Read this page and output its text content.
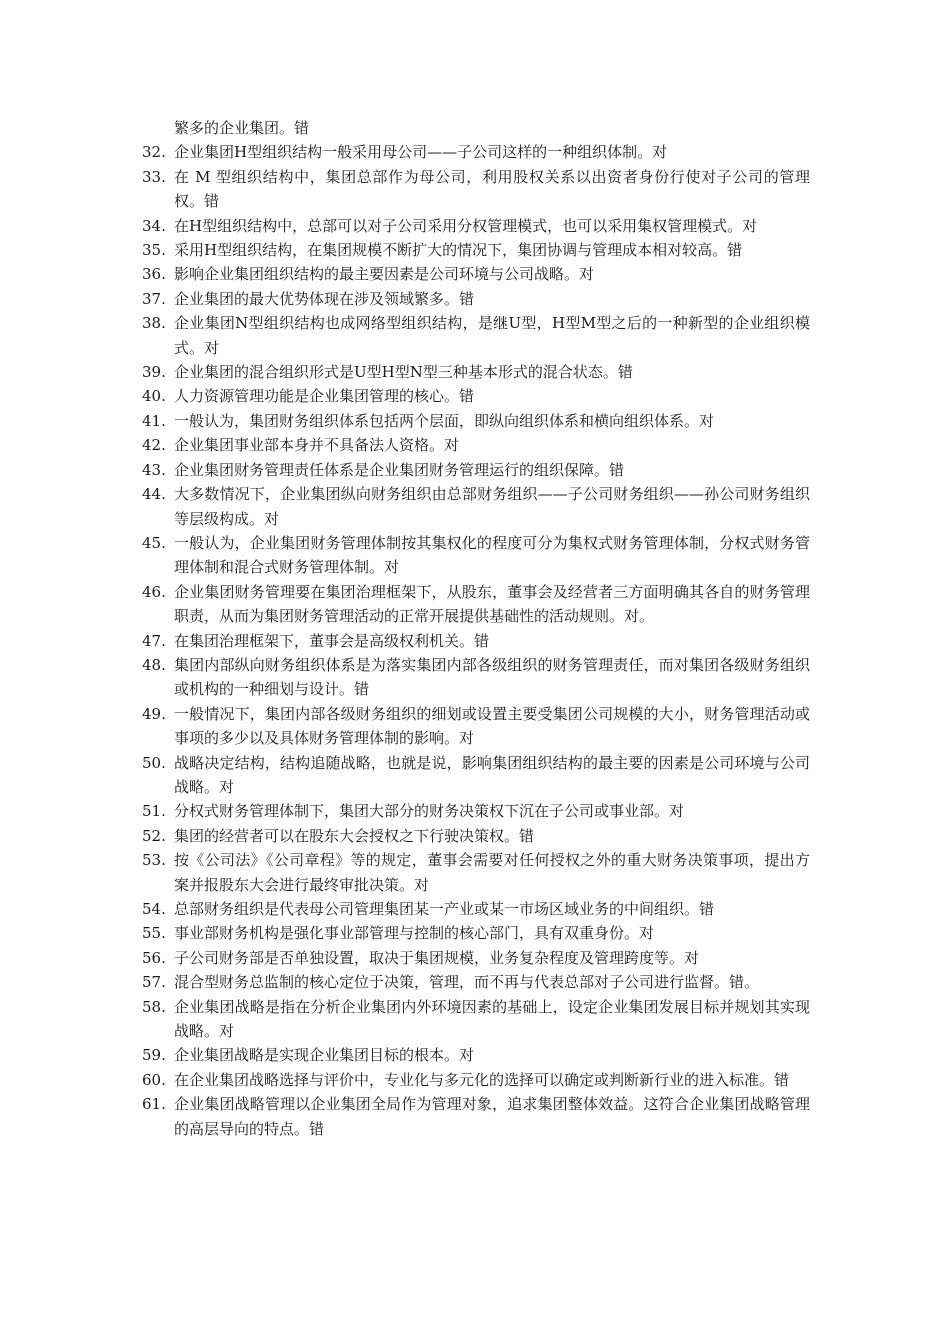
繁多的企业集团。错
32. 企业集团H型组织结构一般采用母公司——子公司这样的一种组织体制。对
33. 在 M 型组织结构中，集团总部作为母公司，利用股权关系以出资者身份行使对子公司的管理权。错
34. 在H型组织结构中，总部可以对子公司采用分权管理模式，也可以采用集权管理模式。对
35. 采用H型组织结构，在集团规模不断扩大的情况下，集团协调与管理成本相对较高。错
36. 影响企业集团组织结构的最主要因素是公司环境与公司战略。对
37. 企业集团的最大优势体现在涉及领域繁多。错
38. 企业集团N型组织结构也成网络型组织结构，是继U型，H型M型之后的一种新型的企业组织模式。对
39. 企业集团的混合组织形式是U型H型N型三种基本形式的混合状态。错
40. 人力资源管理功能是企业集团管理的核心。错
41. 一般认为，集团财务组织体系包括两个层面，即纵向组织体系和横向组织体系。对
42. 企业集团事业部本身并不具备法人资格。对
43. 企业集团财务管理责任体系是企业集团财务管理运行的组织保障。错
44. 大多数情况下，企业集团纵向财务组织由总部财务组织——子公司财务组织——孙公司财务组织等层级构成。对
45. 一般认为，企业集团财务管理体制按其集权化的程度可分为集权式财务管理体制，分权式财务管理体制和混合式财务管理体制。对
46. 企业集团财务管理要在集团治理框架下，从股东，董事会及经营者三方面明确其各自的财务管理职责，从而为集团财务管理活动的正常开展提供基础性的活动规则。对。
47. 在集团治理框架下，董事会是高级权利机关。错
48. 集团内部纵向财务组织体系是为落实集团内部各级组织的财务管理责任，而对集团各级财务组织或机构的一种细划与设计。错
49. 一般情况下，集团内部各级财务组织的细划或设置主要受集团公司规模的大小，财务管理活动或事项的多少以及具体财务管理体制的影响。对
50. 战略决定结构，结构追随战略，也就是说，影响集团组织结构的最主要的因素是公司环境与公司战略。对
51. 分权式财务管理体制下，集团大部分的财务决策权下沉在子公司或事业部。对
52. 集团的经营者可以在股东大会授权之下行驶决策权。错
53. 按《公司法》《公司章程》等的规定，董事会需要对任何授权之外的重大财务决策事项，提出方案并报股东大会进行最终审批决策。对
54. 总部财务组织是代表母公司管理集团某一产业或某一市场区域业务的中间组织。错
55. 事业部财务机构是强化事业部管理与控制的核心部门，具有双重身份。对
56. 子公司财务部是否单独设置，取决于集团规模，业务复杂程度及管理跨度等。对
57. 混合型财务总监制的核心定位于决策，管理，而不再与代表总部对子公司进行监督。错。
58. 企业集团战略是指在分析企业集团内外环境因素的基础上，设定企业集团发展目标并规划其实现战略。对
59. 企业集团战略是实现企业集团目标的根本。对
60. 在企业集团战略选择与评价中，专业化与多元化的选择可以确定或判断新行业的进入标准。错
61. 企业集团战略管理以企业集团全局作为管理对象，追求集团整体效益。这符合企业集团战略管理的高层导向的特点。错
